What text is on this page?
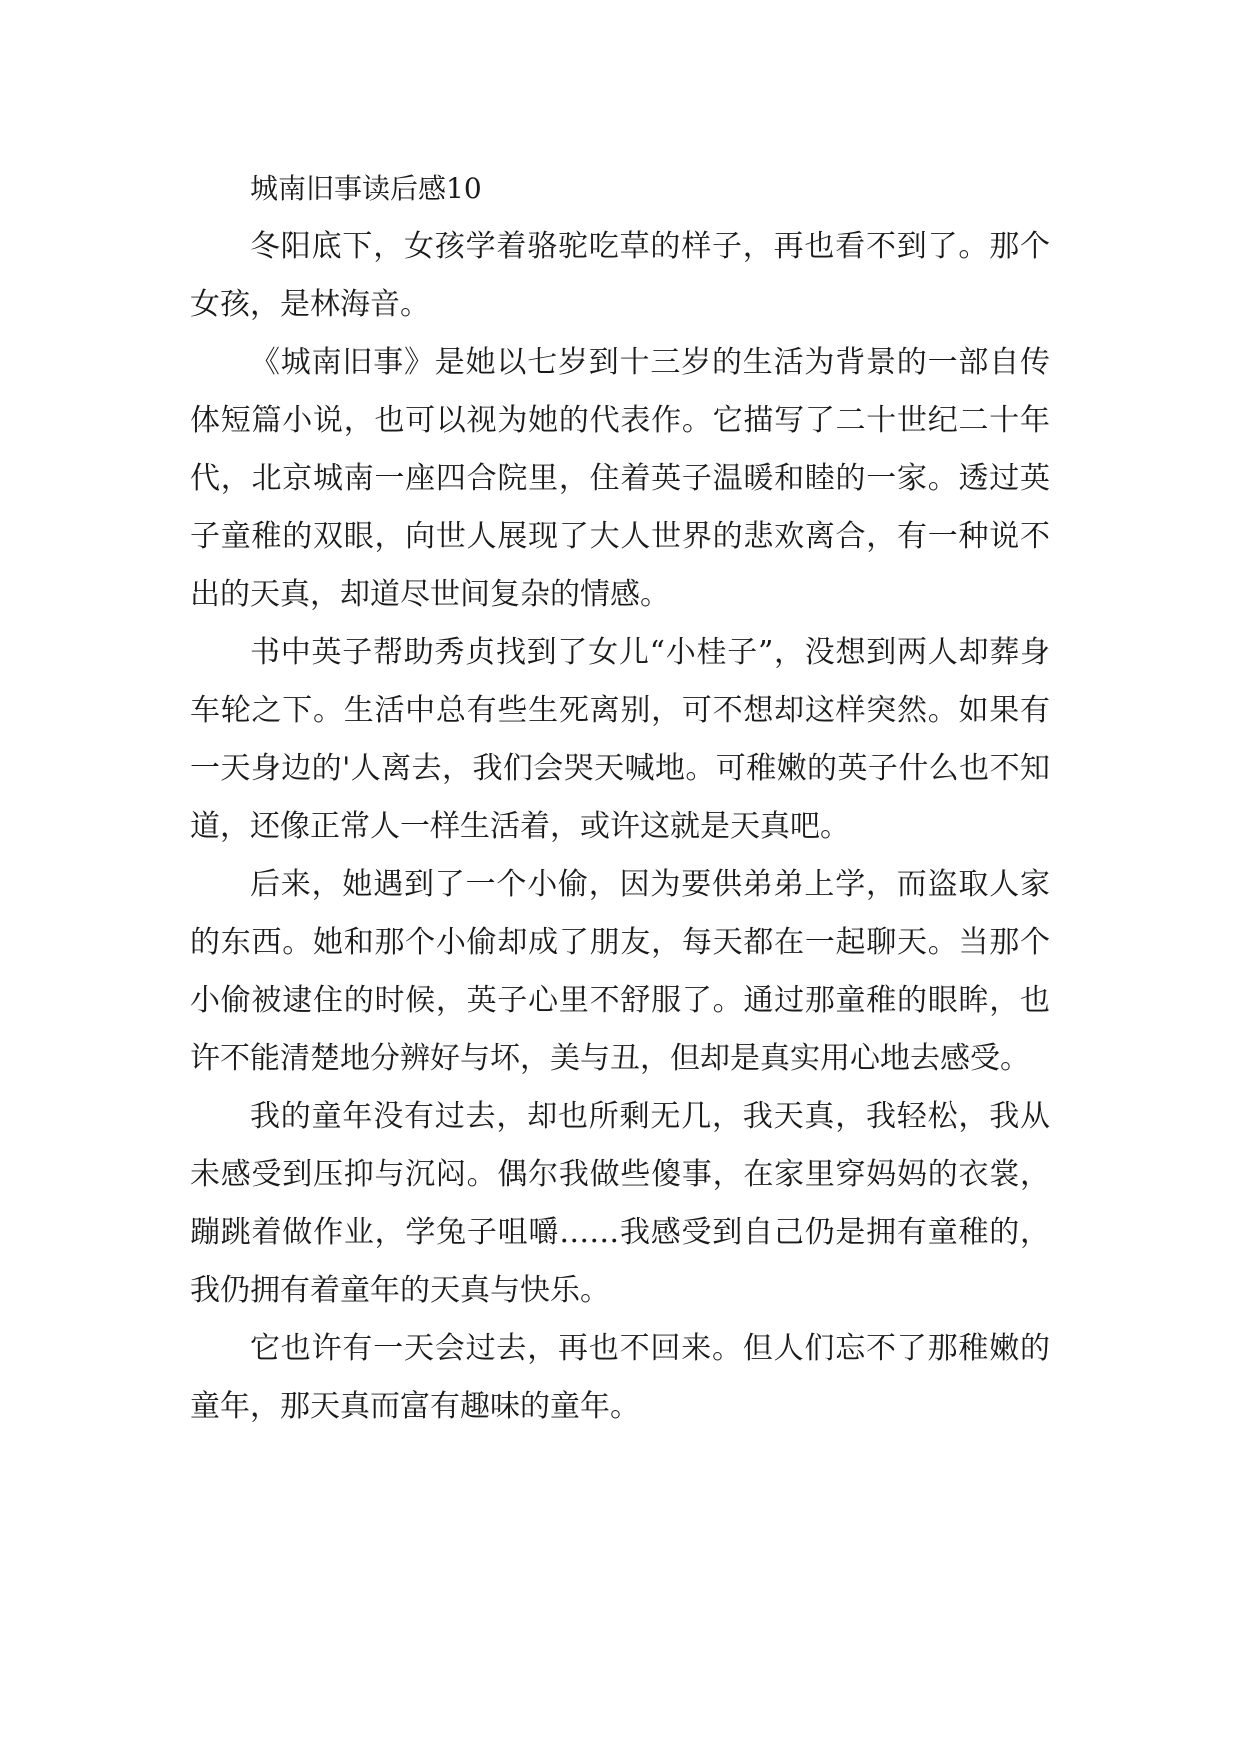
城南旧事读后感10

冬阳底下，女孩学着骆驼吃草的样子，再也看不到了。那个女孩，是林海音。

《城南旧事》是她以七岁到十三岁的生活为背景的一部自传体短篇小说，也可以视为她的代表作。它描写了二十世纪二十年代，北京城南一座四合院里，住着英子温暖和睦的一家。透过英子童稚的双眼，向世人展现了大人世界的悲欢离合，有一种说不出的天真，却道尽世间复杂的情感。

书中英子帮助秀贞找到了女儿“小桂子”，没想到两人却葬身车轮之下。生活中总有些生死离别，可不想却这样突然。如果有一天身边的'人离去，我们会哭天喊地。可稚嫩的英子什么也不知道，还像正常人一样生活着，或许这就是天真吧。

后来，她遇到了一个小偷，因为要供弟弟上学，而盗取人家的东西。她和那个小偷却成了朋友，每天都在一起聊天。当那个小偷被逮住的时候，英子心里不舒服了。通过那童稚的眼眸，也许不能清楚地分辨好与坏，美与丑，但却是真实用心地去感受。

我的童年没有过去，却也所剩无几，我天真，我轻松，我从未感受到压抑与沉闷。偶尔我做些傻事，在家里穿妈妈的衣裳，蹦跳着做作业，学兔子咀嚼……我感受到自己仍是拥有童稚的，我仍拥有着童年的天真与快乐。

它也许有一天会过去，再也不回来。但人们忘不了那稚嫩的童年，那天真而富有趣味的童年。
